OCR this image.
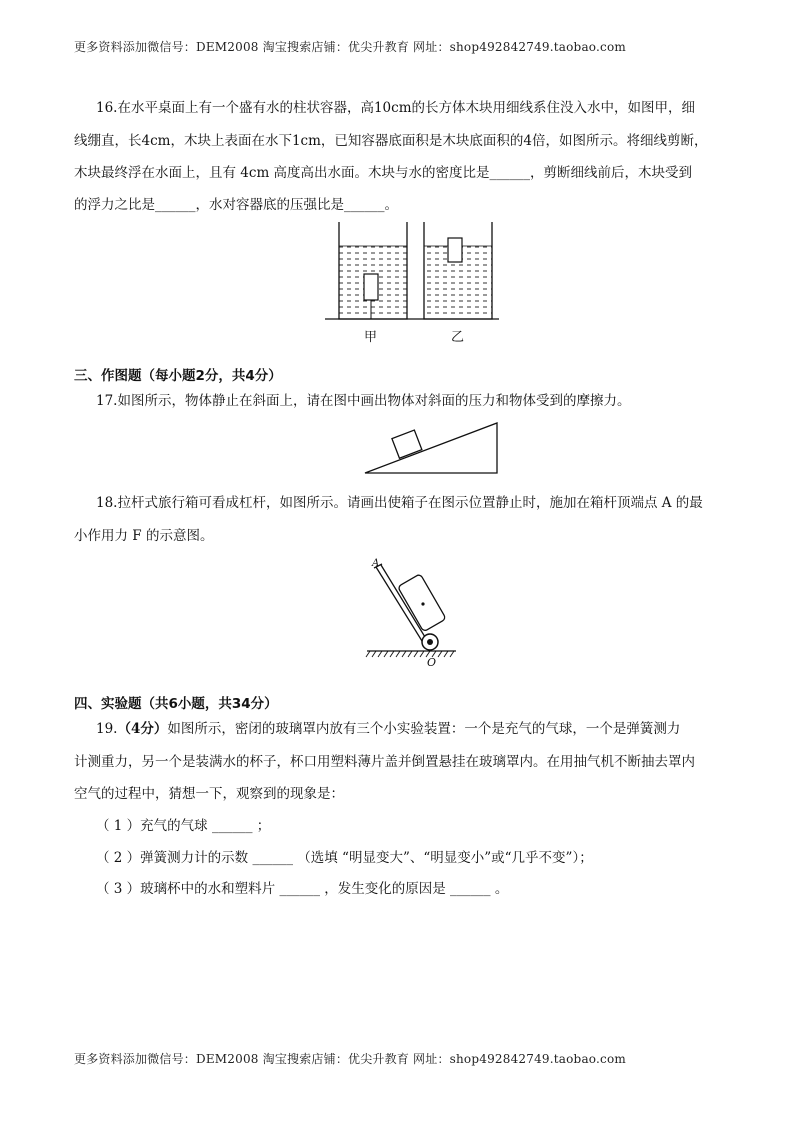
更多资料添加微信号：DEM2008 淘宝搜索店铺：优尖升教育 网址：shop492842749.taobao.com
16.在水平桌面上有一个盛有水的柱状容器，高10cm的长方体木块用细线系住没入水中，如图甲，细
线绷直，长4cm，木块上表面在水下1cm，已知容器底面积是木块底面积的4倍，如图所示。将细线剪断，
木块最终浮在水面上，且有 4cm 高度高出水面。木块与水的密度比是______，剪断细线前后，木块受到
的浮力之比是______，水对容器底的压强比是______。
甲	乙
三、作图题（每小题2分，共4分）
17.如图所示，物体静止在斜面上，请在图中画出物体对斜面的压力和物体受到的摩擦力。
18.拉杆式旅行箱可看成杠杆，如图所示。请画出使箱子在图示位置静止时，施加在箱杆顶端点 A 的最
小作用力 F 的示意图。
A
O
四、实验题（共6小题，共34分）
19.（4分）如图所示，密闭的玻璃罩内放有三个小实验装置：一个是充气的气球，一个是弹簧测力
计测重力，另一个是装满水的杯子，杯口用塑料薄片盖并倒置悬挂在玻璃罩内。在用抽气机不断抽去罩内
空气的过程中，猜想一下，观察到的现象是：
（ 1 ）充气的气球 ______ ；
（ 2 ）弹簧测力计的示数 ______ （选填 “明显变大”、“明显变小”或“几乎不变”）；
（ 3 ）玻璃杯中的水和塑料片 ______ ，发生变化的原因是 ______ 。
更多资料添加微信号：DEM2008 淘宝搜索店铺：优尖升教育 网址：shop492842749.taobao.com
